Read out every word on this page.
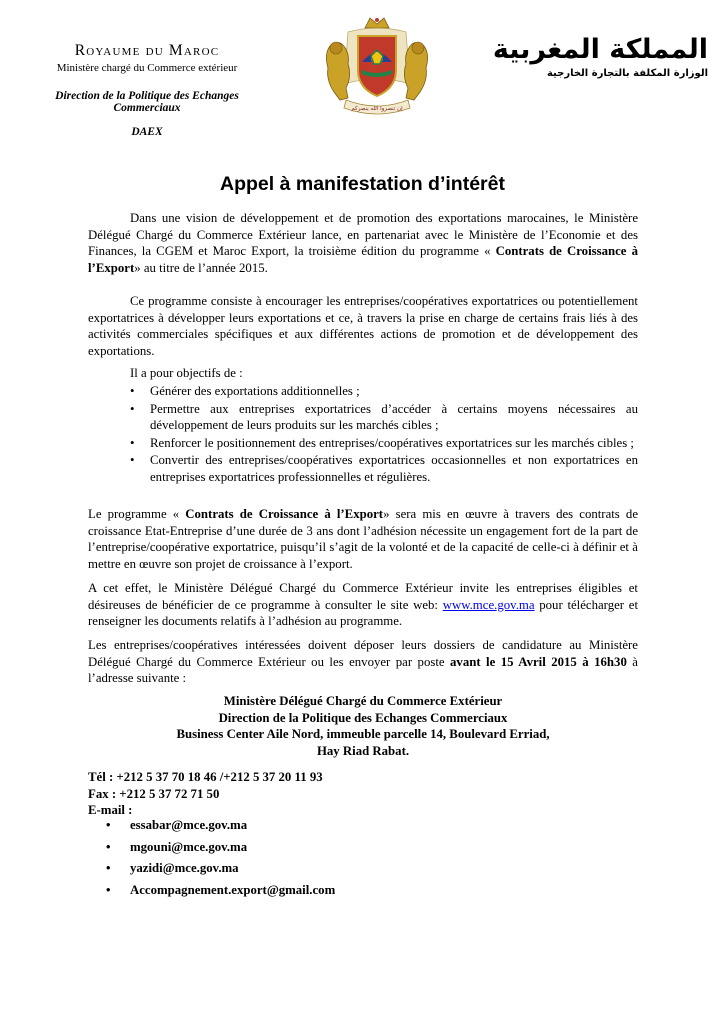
Royaume du Maroc
Ministère chargé du Commerce extérieur
Direction de la Politique des Echanges Commerciaux
DAEX
إن تنصروا الله ينصركم
المملكة المغربية
الوزارة المكلفة بالتجارة الخارجية
Appel à manifestation d’intérêt
Dans une vision de développement et de promotion des exportations marocaines, le Ministère Délégué Chargé du Commerce Extérieur lance, en partenariat avec le Ministère de l’Economie et des Finances, la CGEM et Maroc Export, la troisième édition du programme « Contrats de Croissance à l’Export» au titre de l’année 2015.
Ce programme consiste à encourager les entreprises/coopératives exportatrices ou potentiellement exportatrices à développer leurs exportations et ce, à travers la prise en charge de certains frais liés à des activités commerciales spécifiques et aux différentes actions de promotion et de développement des exportations.
Il a pour objectifs de :
• Générer des exportations additionnelles ;
• Permettre aux entreprises exportatrices d’accéder à certains moyens nécessaires au développement de leurs produits sur les marchés cibles ;
• Renforcer le positionnement des entreprises/coopératives exportatrices sur les marchés cibles ;
• Convertir des entreprises/coopératives exportatrices occasionnelles et non exportatrices en entreprises exportatrices professionnelles et régulières.
Le programme « Contrats de Croissance à l’Export» sera mis en œuvre à travers des contrats de croissance Etat-Entreprise d’une durée de 3 ans dont l’adhésion nécessite un engagement fort de la part de l’entreprise/coopérative exportatrice, puisqu’il s’agit de la volonté et de la capacité de celle-ci à définir et à mettre en œuvre son projet de croissance à l’export.
A cet effet, le Ministère Délégué Chargé du Commerce Extérieur invite les entreprises éligibles et désireuses de bénéficier de ce programme à consulter le site web: www.mce.gov.ma pour télécharger et renseigner les documents relatifs à l’adhésion au programme.
Les entreprises/coopératives intéressées doivent déposer leurs dossiers de candidature au Ministère Délégué Chargé du Commerce Extérieur ou les envoyer par poste avant le 15 Avril 2015 à 16h30 à l’adresse suivante :
Ministère Délégué Chargé du Commerce Extérieur
Direction de la Politique des Echanges Commerciaux
Business Center Aile Nord, immeuble parcelle 14, Boulevard Erriad,
Hay Riad Rabat.
Tél : +212 5 37 70 18 46 /+212 5 37 20 11 93
Fax : +212 5 37 72 71 50
E-mail :
• essabar@mce.gov.ma
• mgouni@mce.gov.ma
• yazidi@mce.gov.ma
• Accompagnement.export@gmail.com
